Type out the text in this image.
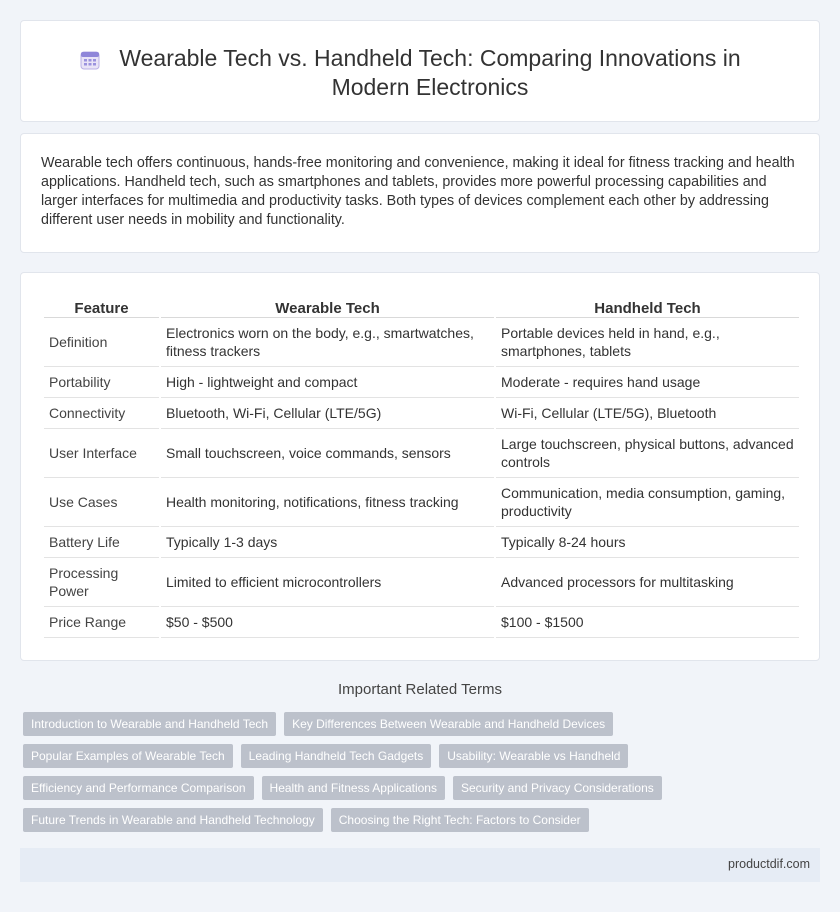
Wearable Tech vs. Handheld Tech: Comparing Innovations in Modern Electronics

Wearable tech offers continuous, hands-free monitoring and convenience, making it ideal for fitness tracking and health applications. Handheld tech, such as smartphones and tablets, provides more powerful processing capabilities and larger interfaces for multimedia and productivity tasks. Both types of devices complement each other by addressing different user needs in mobility and functionality.

Feature	Wearable Tech	Handheld Tech
Definition	Electronics worn on the body, e.g., smartwatches, fitness trackers	Portable devices held in hand, e.g., smartphones, tablets
Portability	High - lightweight and compact	Moderate - requires hand usage
Connectivity	Bluetooth, Wi-Fi, Cellular (LTE/5G)	Wi-Fi, Cellular (LTE/5G), Bluetooth
User Interface	Small touchscreen, voice commands, sensors	Large touchscreen, physical buttons, advanced controls
Use Cases	Health monitoring, notifications, fitness tracking	Communication, media consumption, gaming, productivity
Battery Life	Typically 1-3 days	Typically 8-24 hours
Processing Power	Limited to efficient microcontrollers	Advanced processors for multitasking
Price Range	$50 - $500	$100 - $1500
Important Related Terms
Introduction to Wearable and Handheld Tech	Key Differences Between Wearable and Handheld Devices
Popular Examples of Wearable Tech	Leading Handheld Tech Gadgets	Usability: Wearable vs Handheld
Efficiency and Performance Comparison	Health and Fitness Applications	Security and Privacy Considerations
Future Trends in Wearable and Handheld Technology	Choosing the Right Tech: Factors to Consider
productdif.com
